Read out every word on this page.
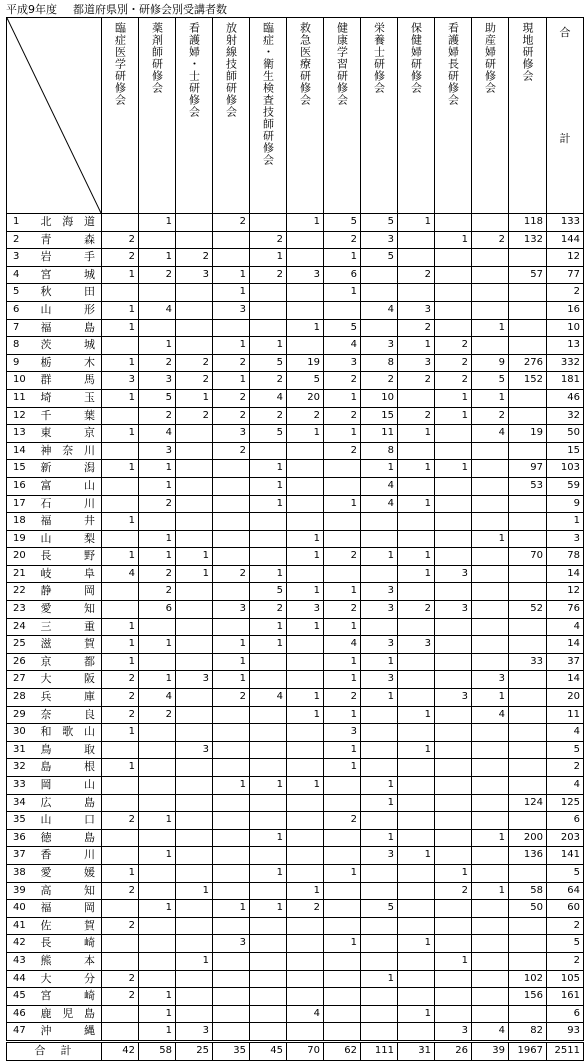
平成9年度 都道府県別・研修会別受講者数

臨症医学研修会	薬剤師研修会	看護婦・士研修会	放射線技師研修会	臨症・衛生検査技師研修会	救急医療研修会	健康学習研修会	栄養士研修会	保健婦研修会	看護婦長研修会	助産婦研修会	現地研修会	合
計

1	北海道		1		2		1	5	5	1			118	133
2	青森	2				2		2	3		1	2	132	144
3	岩手	2	1	2		1		1	5					12
4	宮城	1	2	3	1	2	3	6		2			57	77
5	秋田				1			1						2
6	山形	1	4		3				4	3				16
7	福島	1					1	5		2		1		10
8	茨城		1		1	1		4	3	1	2			13
9	栃木	1	2	2	2	5	19	3	8	3	2	9	276	332
10	群馬	3	3	2	1	2	5	2	2	2	2	5	152	181
11	埼玉	1	5	1	2	4	20	1	10		1	1		46
12	千葉		2	2	2	2	2	2	15	2	1	2		32
13	東京	1	4		3	5	1	1	11	1		4	19	50
14	神奈川		3		2			2	8					15
15	新潟	1	1			1			1	1	1		97	103
16	富山		1			1			4				53	59
17	石川		2			1		1	4	1				9
18	福井	1												1
19	山梨		1				1					1		3
20	長野	1	1	1			1	2	1	1			70	78
21	岐阜	4	2	1	2	1				1	3			14
22	静岡		2			5	1	1	3					12
23	愛知		6		3	2	3	2	3	2	3		52	76
24	三重	1				1	1	1						4
25	滋賀	1	1		1	1		4	3	3				14
26	京都	1			1			1	1				33	37
27	大阪	2	1	3	1			1	3			3		14
28	兵庫	2	4		2	4	1	2	1		3	1		20
29	奈良	2	2				1	1		1		4		11
30	和歌山	1						3						4
31	鳥取			3				1		1				5
32	島根	1						1						2
33	岡山				1	1	1		1					4
34	広島								1				124	125
35	山口	2	1					2						6
36	徳島					1			1			1	200	203
37	香川		1						3	1			136	141
38	愛媛	1				1		1			1			5
39	高知	2		1			1				2	1	58	64
40	福岡		1		1	1	2		5				50	60
41	佐賀	2												2
42	長崎				3			1		1				5
43	熊本			1							1			2
44	大分	2							1				102	105
45	宮崎	2	1										156	161
46	鹿児島		1				4			1				6
47	沖縄		1	3							3	4	82	93
合　計		42	58	25	35	45	70	62	111	31	26	39	1967	2511
